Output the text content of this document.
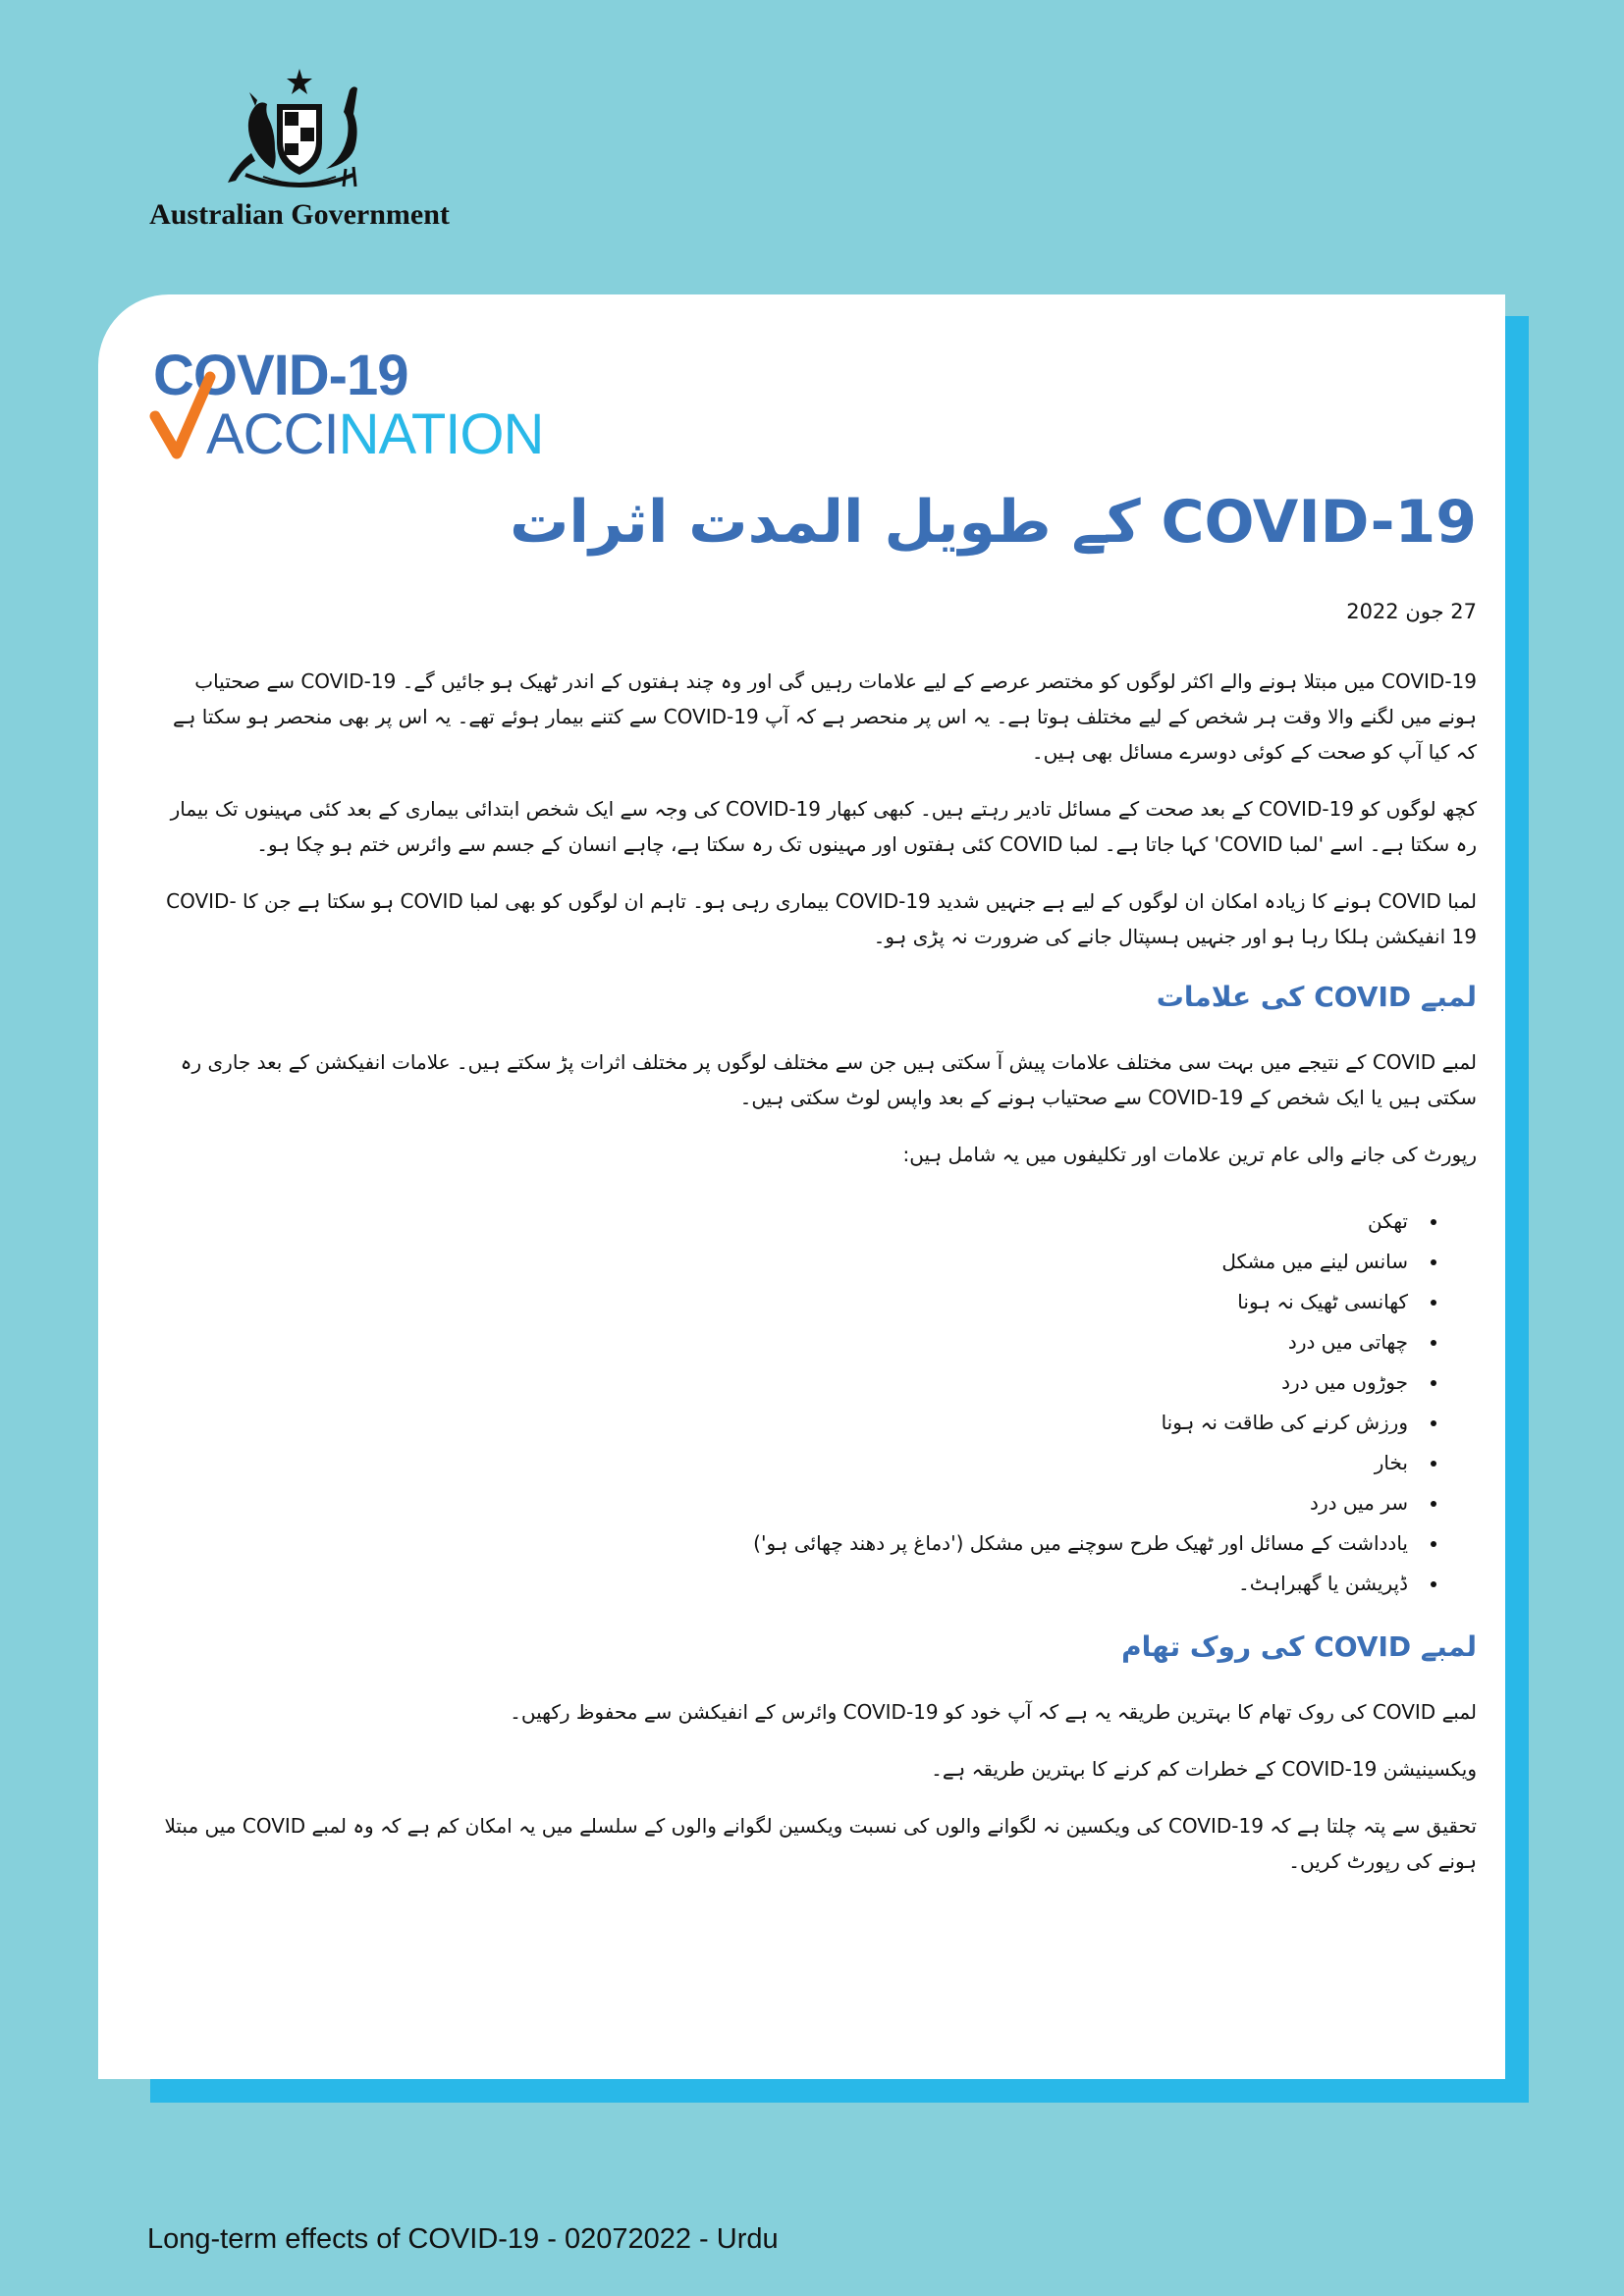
Australian Government
COVID-19
ACCINATION
COVID-19 کے طویل المدت اثرات
27 جون 2022

COVID-19 میں مبتلا ہونے والے اکثر لوگوں کو مختصر عرصے کے لیے علامات رہیں گی اور وہ چند ہفتوں کے اندر ٹھیک ہو جائیں گے۔ COVID-19 سے صحتیاب ہونے میں لگنے والا وقت ہر شخص کے لیے مختلف ہوتا ہے۔ یہ اس پر منحصر ہے کہ آپ COVID-19 سے کتنے بیمار ہوئے تھے۔ یہ اس پر بھی منحصر ہو سکتا ہے کہ کیا آپ کو صحت کے کوئی دوسرے مسائل بھی ہیں۔

کچھ لوگوں کو COVID-19 کے بعد صحت کے مسائل تادیر رہتے ہیں۔ کبھی کبھار COVID-19 کی وجہ سے ایک شخص ابتدائی بیماری کے بعد کئی مہینوں تک بیمار رہ سکتا ہے۔ اسے 'لمبا COVID' کہا جاتا ہے۔ لمبا COVID کئی ہفتوں اور مہینوں تک رہ سکتا ہے، چاہے انسان کے جسم سے وائرس ختم ہو چکا ہو۔

لمبا COVID ہونے کا زیادہ امکان ان لوگوں کے لیے ہے جنہیں شدید COVID-19 بیماری رہی ہو۔ تاہم ان لوگوں کو بھی لمبا COVID ہو سکتا ہے جن کا COVID-19 انفیکشن ہلکا رہا ہو اور جنہیں ہسپتال جانے کی ضرورت نہ پڑی ہو۔

لمبے COVID کی علامات

لمبے COVID کے نتیجے میں بہت سی مختلف علامات پیش آ سکتی ہیں جن سے مختلف لوگوں پر مختلف اثرات پڑ سکتے ہیں۔ علامات انفیکشن کے بعد جاری رہ سکتی ہیں یا ایک شخص کے COVID-19 سے صحتیاب ہونے کے بعد واپس لوٹ سکتی ہیں۔

رپورٹ کی جانے والی عام ترین علامات اور تکلیفوں میں یہ شامل ہیں:

• تھکن
• سانس لینے میں مشکل
• کھانسی ٹھیک نہ ہونا
• چھاتی میں درد
• جوڑوں میں درد
• ورزش کرنے کی طاقت نہ ہونا
• بخار
• سر میں درد
• یادداشت کے مسائل اور ٹھیک طرح سوچنے میں مشکل ('دماغ پر دھند چھائی ہو')
• ڈپریشن یا گھبراہٹ۔
لمبے COVID کی روک تھام

لمبے COVID کی روک تھام کا بہترین طریقہ یہ ہے کہ آپ خود کو COVID-19 وائرس کے انفیکشن سے محفوظ رکھیں۔

ویکسینیشن COVID-19 کے خطرات کم کرنے کا بہترین طریقہ ہے۔

تحقیق سے پتہ چلتا ہے کہ COVID-19 کی ویکسین نہ لگوانے والوں کی نسبت ویکسین لگوانے والوں کے سلسلے میں یہ امکان کم ہے کہ وہ لمبے COVID میں مبتلا ہونے کی رپورٹ کریں۔

Long-term effects of COVID-19 - 02072022 - Urdu
